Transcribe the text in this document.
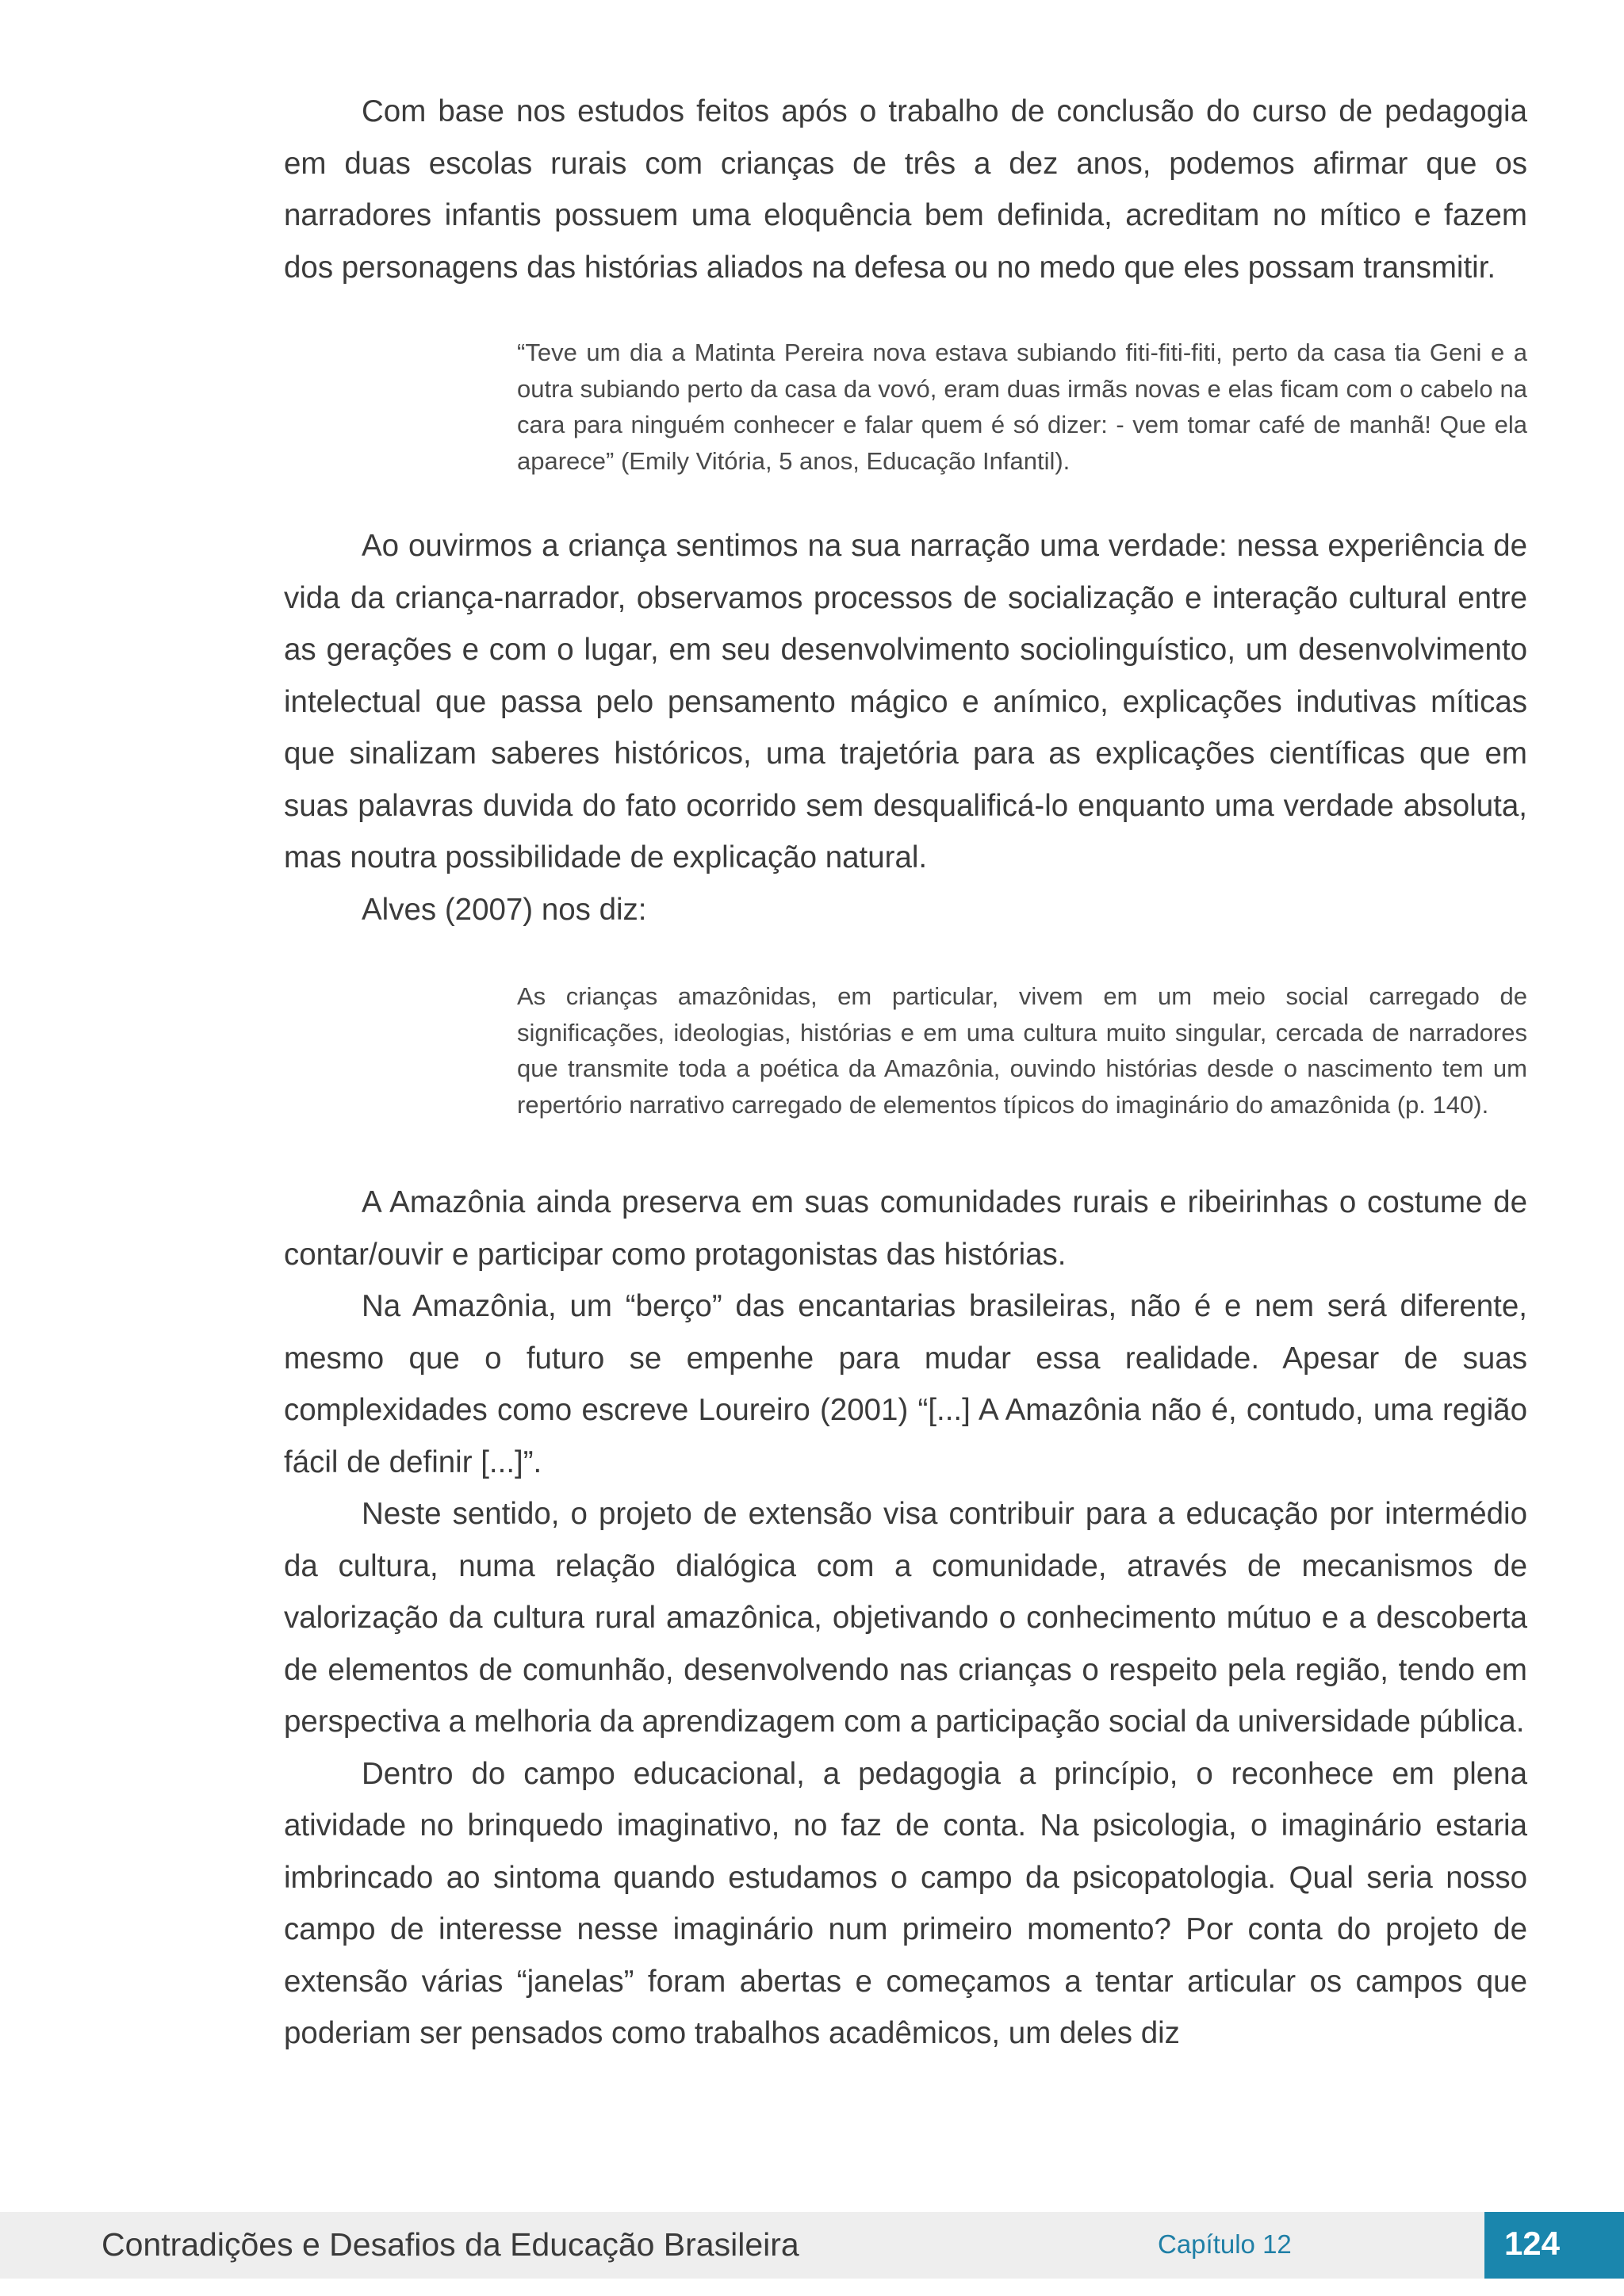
Com base nos estudos feitos após o trabalho de conclusão do curso de pedagogia em duas escolas rurais com crianças de três a dez anos, podemos afirmar que os narradores infantis possuem uma eloquência bem definida, acreditam no mítico e fazem dos personagens das histórias aliados na defesa ou no medo que eles possam transmitir.

“Teve um dia a Matinta Pereira nova estava subiando fiti-fiti-fiti, perto da casa tia Geni e a outra subiando perto da casa da vovó, eram duas irmãs novas e elas ficam com o cabelo na cara para ninguém conhecer e falar quem é só dizer: - vem tomar café de manhã! Que ela aparece” (Emily Vitória, 5 anos, Educação Infantil).

Ao ouvirmos a criança sentimos na sua narração uma verdade: nessa experiência de vida da criança-narrador, observamos processos de socialização e interação cultural entre as gerações e com o lugar, em seu desenvolvimento sociolinguístico, um desenvolvimento intelectual que passa pelo pensamento mágico e anímico, explicações indutivas míticas que sinalizam saberes históricos, uma trajetória para as explicações científicas que em suas palavras duvida do fato ocorrido sem desqualificá-lo enquanto uma verdade absoluta, mas noutra possibilidade de explicação natural.

Alves (2007) nos diz:

As crianças amazônidas, em particular, vivem em um meio social carregado de significações, ideologias, histórias e em uma cultura muito singular, cercada de narradores que transmite toda a poética da Amazônia, ouvindo histórias desde o nascimento tem um repertório narrativo carregado de elementos típicos do imaginário do amazônida (p. 140).

A Amazônia ainda preserva em suas comunidades rurais e ribeirinhas o costume de contar/ouvir e participar como protagonistas das histórias.

Na Amazônia, um “berço” das encantarias brasileiras, não é e nem será diferente, mesmo que o futuro se empenhe para mudar essa realidade. Apesar de suas complexidades como escreve Loureiro (2001) “[...] A Amazônia não é, contudo, uma região fácil de definir [...]”.

Neste sentido, o projeto de extensão visa contribuir para a educação por intermédio da cultura, numa relação dialógica com a comunidade, através de mecanismos de valorização da cultura rural amazônica, objetivando o conhecimento mútuo e a descoberta de elementos de comunhão, desenvolvendo nas crianças o respeito pela região, tendo em perspectiva a melhoria da aprendizagem com a participação social da universidade pública.

Dentro do campo educacional, a pedagogia a princípio, o reconhece em plena atividade no brinquedo imaginativo, no faz de conta. Na psicologia, o imaginário estaria imbrincado ao sintoma quando estudamos o campo da psicopatologia. Qual seria nosso campo de interesse nesse imaginário num primeiro momento? Por conta do projeto de extensão várias “janelas” foram abertas e começamos a tentar articular os campos que poderiam ser pensados como trabalhos acadêmicos, um deles diz

Contradições e Desafios da Educação Brasileira	Capítulo 12	124
